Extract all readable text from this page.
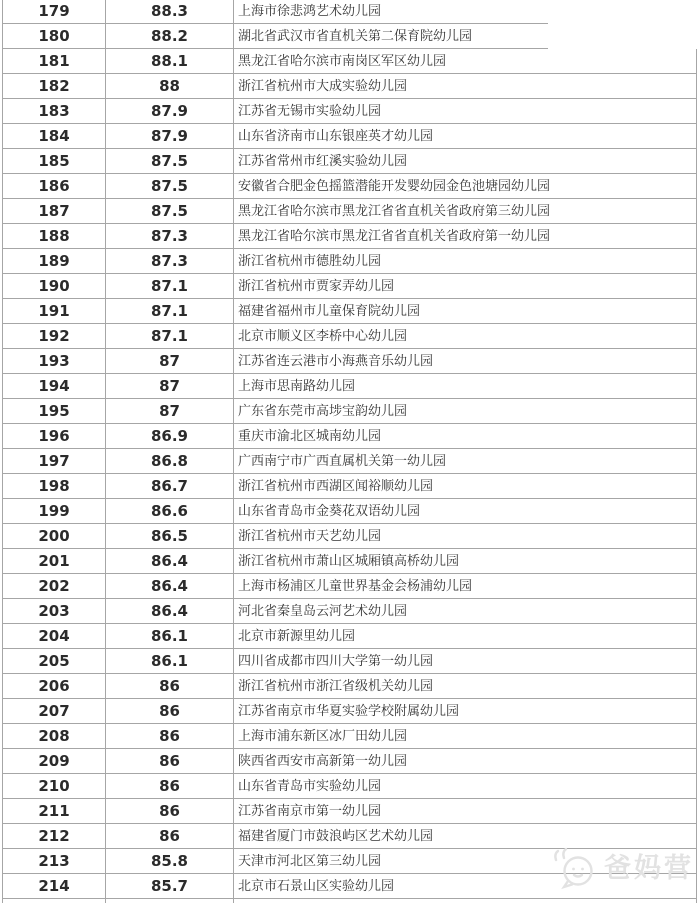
179	88.3	上海市徐悲鸿艺术幼儿园
180	88.2	湖北省武汉市省直机关第二保育院幼儿园
181	88.1	黑龙江省哈尔滨市南岗区军区幼儿园
182	88	浙江省杭州市大成实验幼儿园
183	87.9	江苏省无锡市实验幼儿园
184	87.9	山东省济南市山东银座英才幼儿园
185	87.5	江苏省常州市红溪实验幼儿园
186	87.5	安徽省合肥金色摇篮潜能开发婴幼园金色池塘园幼儿园
187	87.5	黑龙江省哈尔滨市黑龙江省省直机关省政府第三幼儿园
188	87.3	黑龙江省哈尔滨市黑龙江省省直机关省政府第一幼儿园
189	87.3	浙江省杭州市德胜幼儿园
190	87.1	浙江省杭州市贾家弄幼儿园
191	87.1	福建省福州市儿童保育院幼儿园
192	87.1	北京市顺义区李桥中心幼儿园
193	87	江苏省连云港市小海燕音乐幼儿园
194	87	上海市思南路幼儿园
195	87	广东省东莞市高埗宝韵幼儿园
196	86.9	重庆市渝北区城南幼儿园
197	86.8	广西南宁市广西直属机关第一幼儿园
198	86.7	浙江省杭州市西湖区闻裕顺幼儿园
199	86.6	山东省青岛市金葵花双语幼儿园
200	86.5	浙江省杭州市天艺幼儿园
201	86.4	浙江省杭州市萧山区城厢镇高桥幼儿园
202	86.4	上海市杨浦区儿童世界基金会杨浦幼儿园
203	86.4	河北省秦皇岛云河艺术幼儿园
204	86.1	北京市新源里幼儿园
205	86.1	四川省成都市四川大学第一幼儿园
206	86	浙江省杭州市浙江省级机关幼儿园
207	86	江苏省南京市华夏实验学校附属幼儿园
208	86	上海市浦东新区冰厂田幼儿园
209	86	陕西省西安市高新第一幼儿园
210	86	山东省青岛市实验幼儿园
211	86	江苏省南京市第一幼儿园
212	86	福建省厦门市鼓浪屿区艺术幼儿园
213	85.8	天津市河北区第三幼儿园
214	85.7	北京市石景山区实验幼儿园
爸妈营
